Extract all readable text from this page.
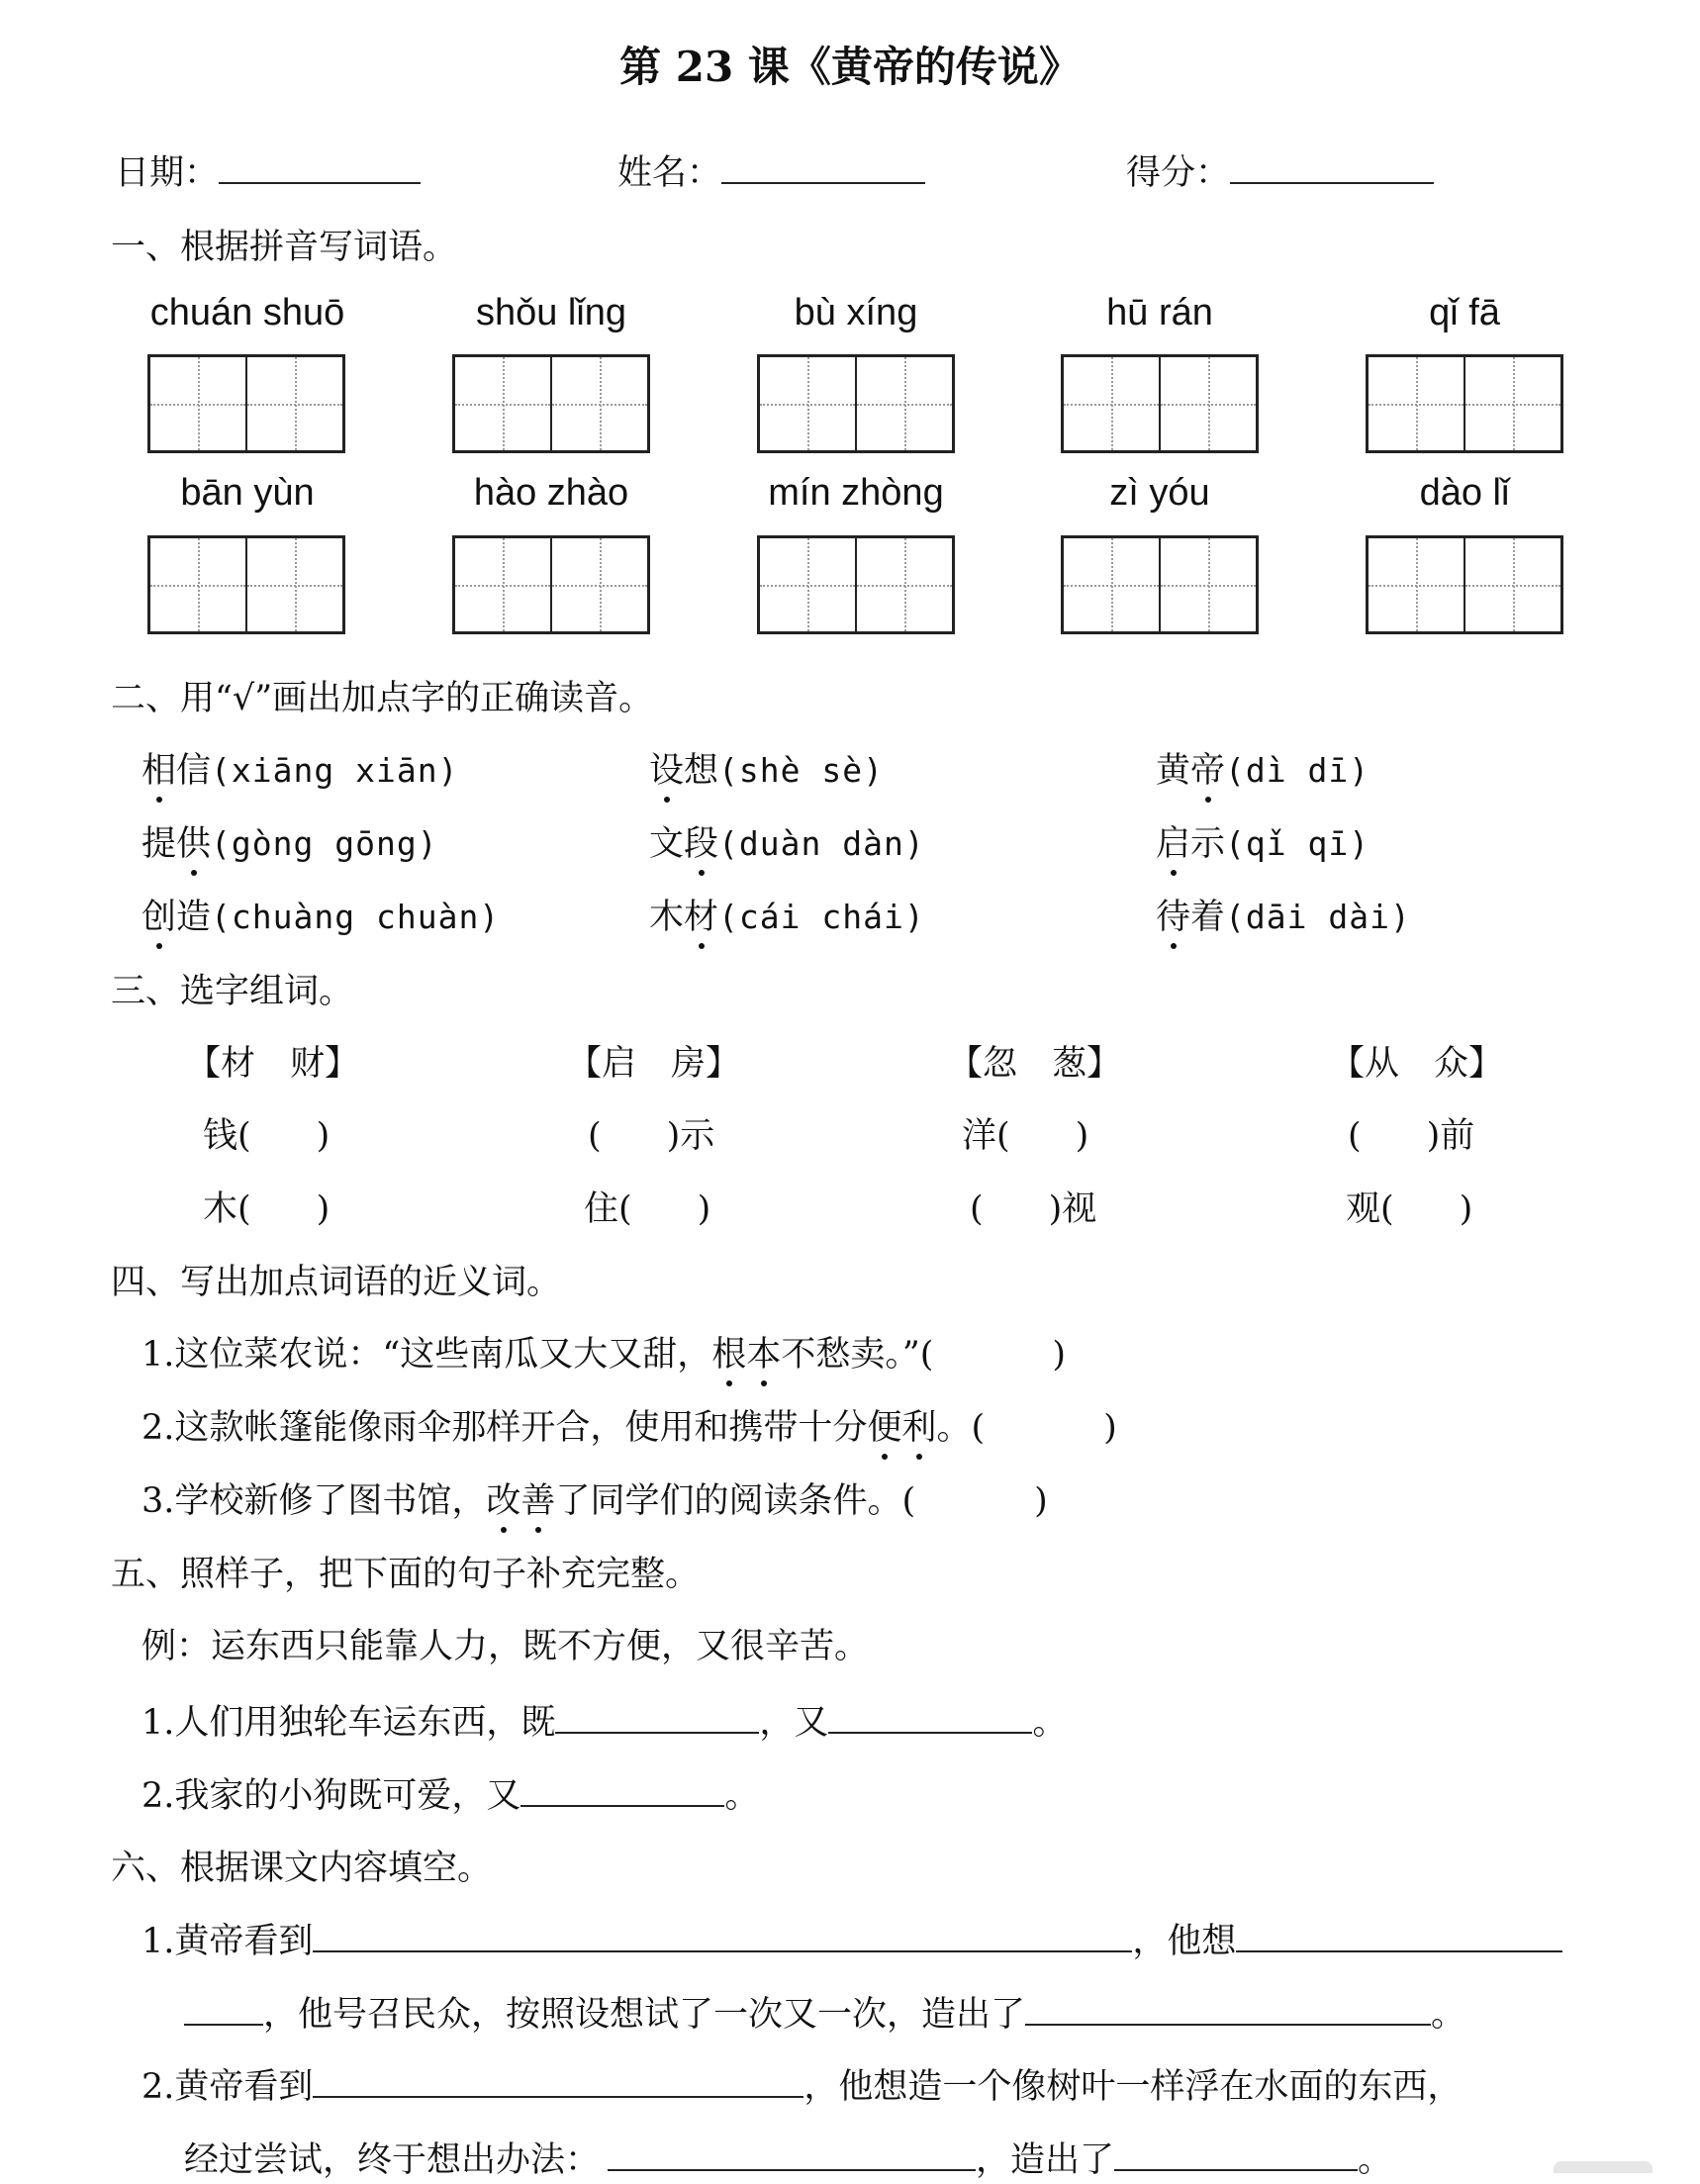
第 23 课《黄帝的传说》
日期：	姓名：	得分：
一、根据拼音写词语。
chuán shuō	shǒu lǐng	bù xíng	hū rán	qǐ fā
bān yùn	hào zhào	mín zhòng	zì yóu	dào lǐ
二、用“√”画出加点字的正确读音。
相信(xiāng xiān)	设想(shè sè)	黄帝(dì dī)
提供(gòng gōng)	文段(duàn dàn)	启示(qǐ qī)
创造(chuàng chuàn)	木材(cái chái)	待着(dāi dài)
三、选字组词。
【材　财】	【启　房】	【忽　葱】	【从　众】
钱( )	( )示	洋( )	( )前
木( )	住( )	( )视	观( )
四、写出加点词语的近义词。
1.这位菜农说：“这些南瓜又大又甜，根本不愁卖。”(	)
2.这款帐篷能像雨伞那样开合，使用和携带十分便利。(	)
3.学校新修了图书馆，改善了同学们的阅读条件。(	)
五、照样子，把下面的句子补充完整。
例：运东西只能靠人力，既不方便，又很辛苦。
1.人们用独轮车运东西，既	，又	。
2.我家的小狗既可爱，又	。
六、根据课文内容填空。
1.黄帝看到	，他想
，他号召民众，按照设想试了一次又一次，造出了	。
2.黄帝看到	，他想造一个像树叶一样浮在水面的东西，
经过尝试，终于想出办法：	，造出了	。
